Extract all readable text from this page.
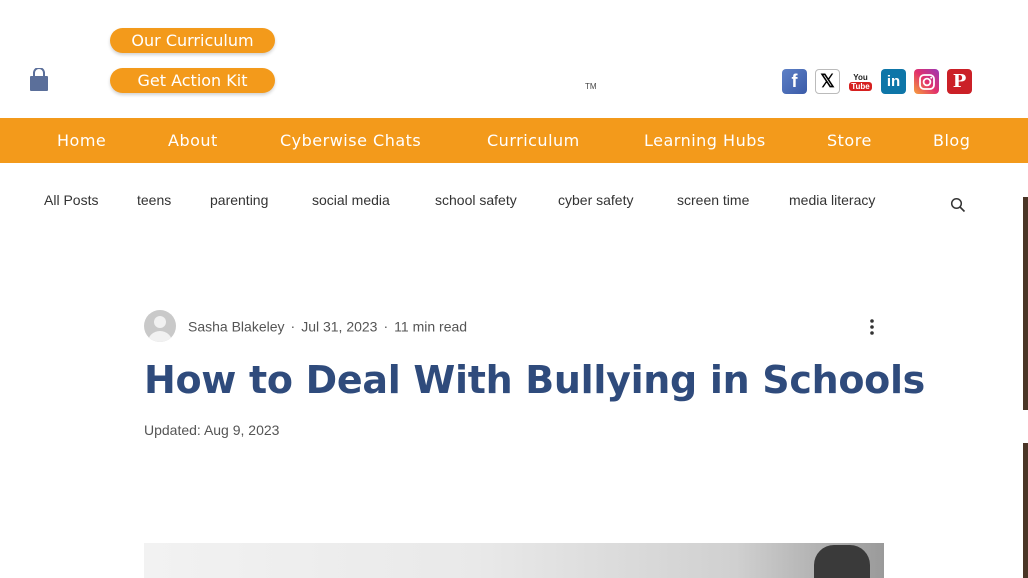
Our Curriculum
Get Action Kit	TM	f	𝕏	You
Tube	in	P
Home	About	Cyberwise Chats	Curriculum	Learning Hubs	Store	Blog
All Posts	teens	parenting	social media	school safety	cyber safety	screen time	media literacy
Sasha Blakeley · Jul 31, 2023 · 11 min read
How to Deal With Bullying in Schools
Updated: Aug 9, 2023
